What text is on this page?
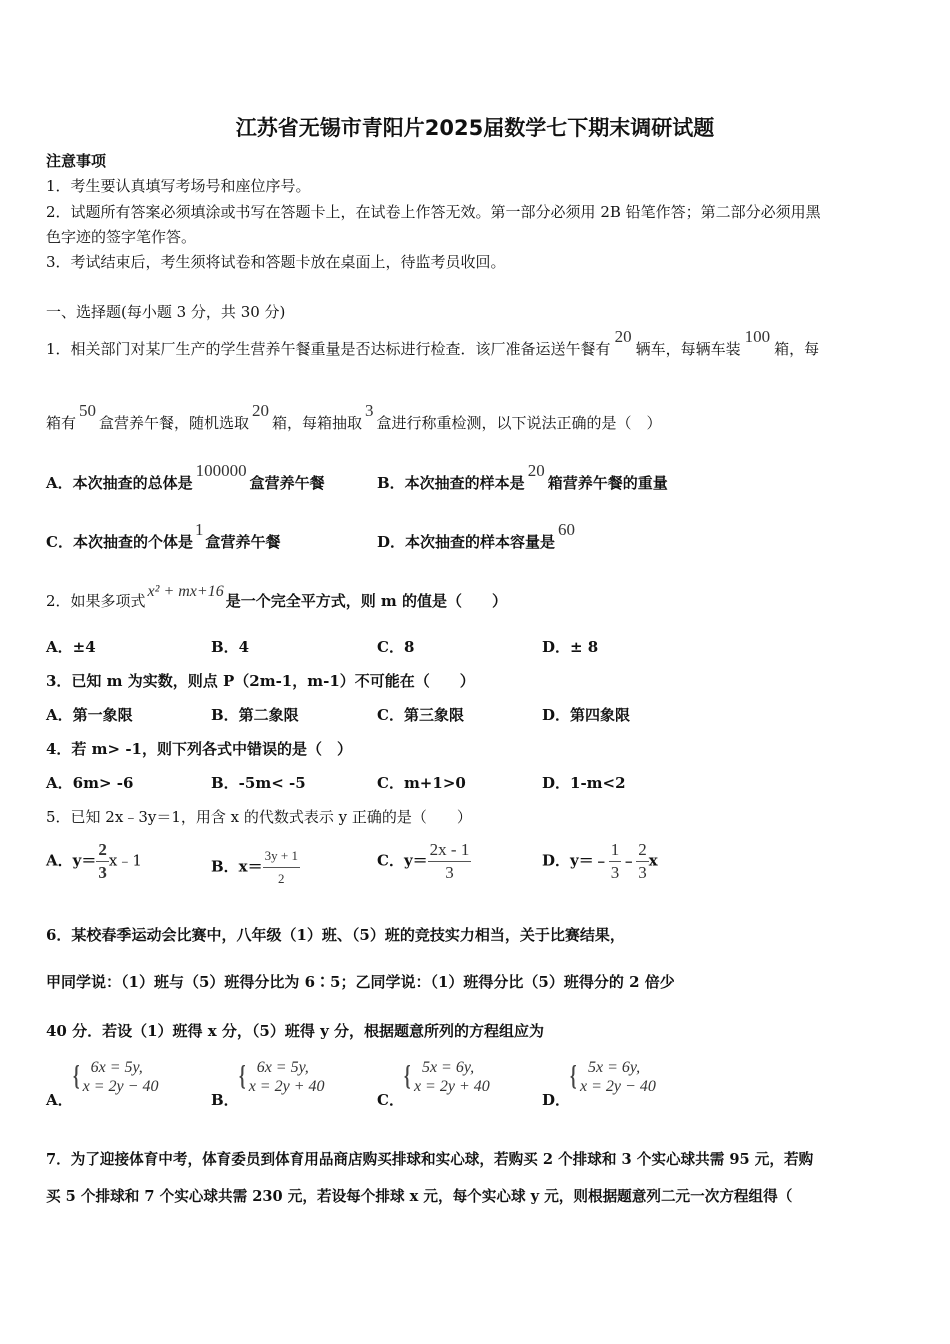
江苏省无锡市青阳片2025届数学七下期末调研试题
注意事项
1．考生要认真填写考场号和座位序号。
2．试题所有答案必须填涂或书写在答题卡上，在试卷上作答无效。第一部分必须用 2B 铅笔作答；第二部分必须用黑
色字迹的签字笔作答。
3．考试结束后，考生须将试卷和答题卡放在桌面上，待监考员收回。
一、选择题(每小题 3 分，共 30 分)
1．相关部门对某厂生产的学生营养午餐重量是否达标进行检查．该厂准备运送午餐有20辆车，每辆车装100箱，每
箱有50盒营养午餐，随机选取20箱，每箱抽取3盒进行称重检测，以下说法正确的是（　）
A．本次抽查的总体是100000盒营养午餐	B．本次抽查的样本是20箱营养午餐的重量
C．本次抽查的个体是1盒营养午餐	D．本次抽查的样本容量是60
2．如果多项式x² + mx+16是一个完全平方式，则 m 的值是（　　）
A．±4	B．4	C．8	D．± 8
3．已知 m 为实数，则点 P（2m-1，m-1）不可能在（　　）
A．第一象限	B．第二象限	C．第三象限	D．第四象限
4．若 m> -1，则下列各式中错误的是（　）
A．6m> -6	B．-5m< -5	C．m+1>0	D．1-m<2
5．已知 2x﹣3y＝1，用含 x 的代数式表示 y 正确的是（　　）
A．$y= \frac{2}{3}$ x﹣1	B．$x= \frac{3y + 1}{2}$	C．$y= \frac{2x - 1}{3}$	D．y＝﹣ $\frac{1}{3}$ ﹣ $\frac{2}{3}$ x
6．某校春季运动会比赛中，八年级（1）班、（5）班的竞技实力相当，关于比赛结果，
甲同学说：（1）班与（5）班得分比为 6∶5；乙同学说：（1）班得分比（5）班得分的 2 倍少
40 分．若设（1）班得 x 分，（5）班得 y 分，根据题意所列的方程组应为
A．
{ 6x = 5y,
x = 2y − 40
B．
{ 6x = 5y,
x = 2y + 40
C．
{ 5x = 6y,
x = 2y + 40
D．
{ 5x = 6y,
x = 2y − 40
7．为了迎接体育中考，体育委员到体育用品商店购买排球和实心球，若购买 2 个排球和 3 个实心球共需 95 元，若购
买 5 个排球和 7 个实心球共需 230 元，若设每个排球 x 元，每个实心球 y 元，则根据题意列二元一次方程组得（
